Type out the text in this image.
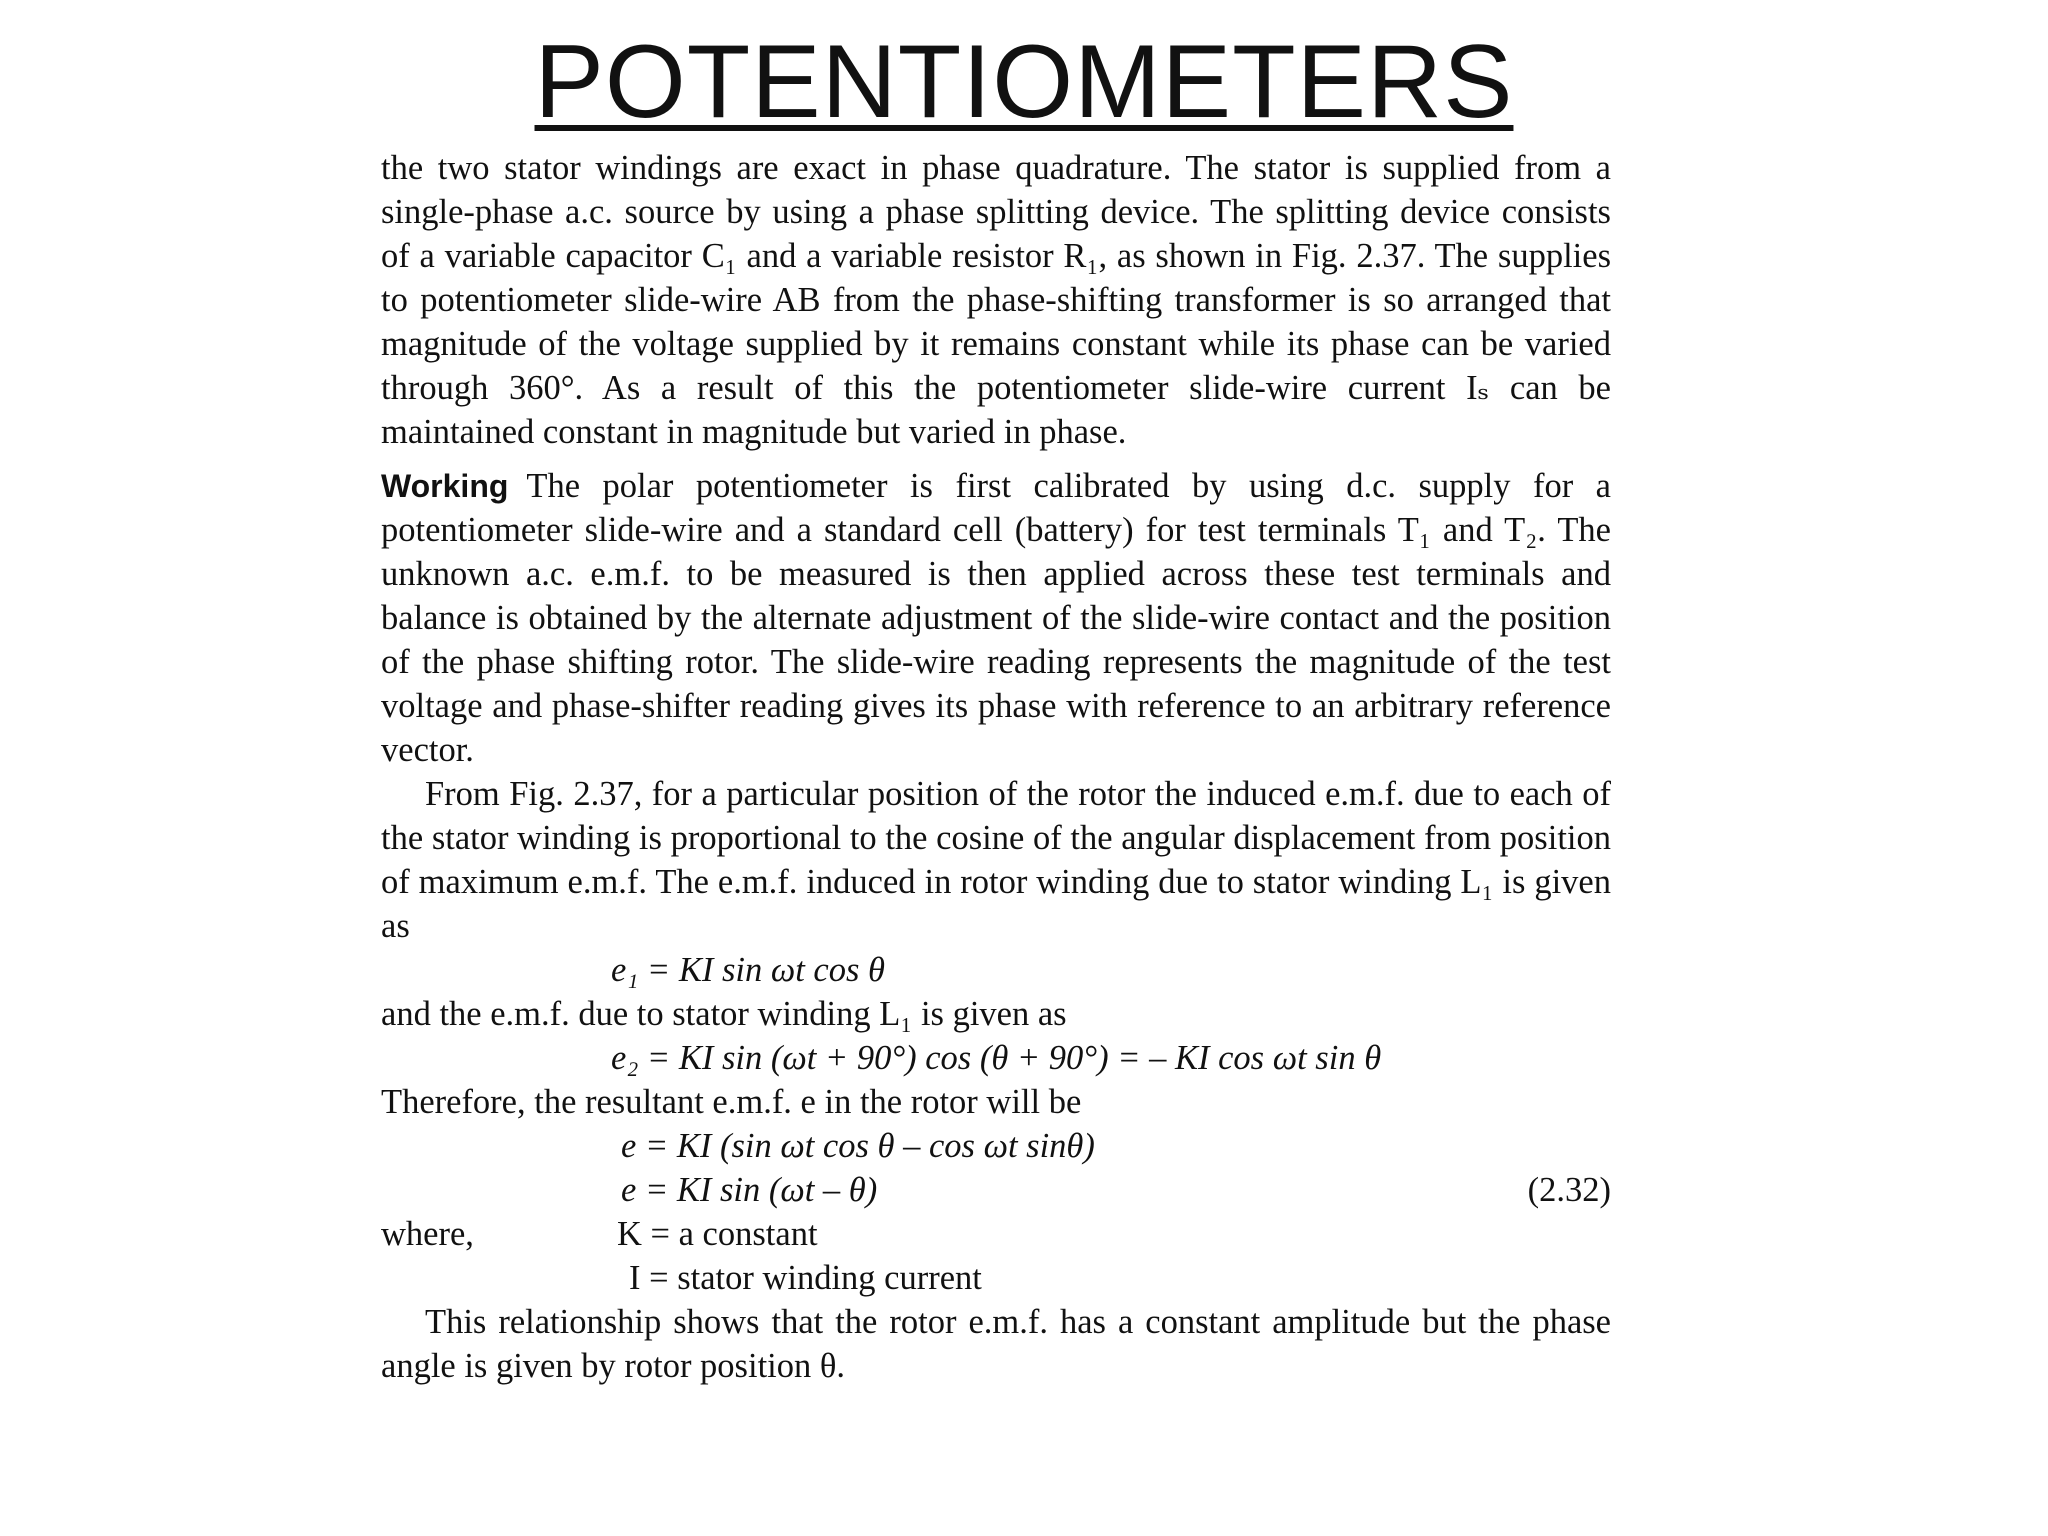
POTENTIOMETERS

the two stator windings are exact in phase quadrature. The stator is supplied from a single-phase a.c. source by using a phase splitting device. The splitting device consists of a variable capacitor C₁ and a variable resistor R₁, as shown in Fig. 2.37. The supplies to potentiometer slide-wire AB from the phase-shifting transformer is so arranged that magnitude of the voltage supplied by it remains constant while its phase can be varied through 360°. As a result of this the potentiometer slide-wire current Iₛ can be maintained constant in magnitude but varied in phase.

Working The polar potentiometer is first calibrated by using d.c. supply for a potentiometer slide-wire and a standard cell (battery) for test terminals T₁ and T₂. The unknown a.c. e.m.f. to be measured is then applied across these test terminals and balance is obtained by the alternate adjustment of the slide-wire contact and the position of the phase shifting rotor. The slide-wire reading represents the magnitude of the test voltage and phase-shifter reading gives its phase with reference to an arbitrary reference vector.

From Fig. 2.37, for a particular position of the rotor the induced e.m.f. due to each of the stator winding is proportional to the cosine of the angular displacement from position of maximum e.m.f. The e.m.f. induced in rotor winding due to stator winding L₁ is given as

e₁ = KI sin ωt cos θ
and the e.m.f. due to stator winding L₁ is given as
e₂ = KI sin (ωt + 90°) cos (θ + 90°) = – KI cos ωt sin θ
Therefore, the resultant e.m.f. e in the rotor will be
e = KI (sin ωt cos θ – cos ωt sinθ)
e = KI sin (ωt – θ)	(2.32)
where,	K = a constant
I = stator winding current

This relationship shows that the rotor e.m.f. has a constant amplitude but the phase angle is given by rotor position θ.
